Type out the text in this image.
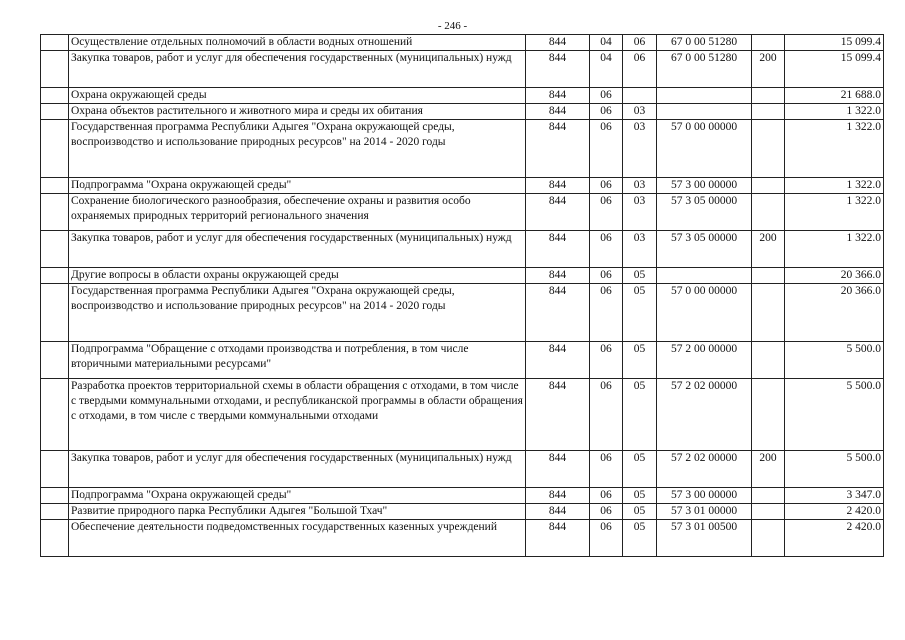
- 246 -
	Осуществление отдельных полномочий в области водных отношений	844	04	06	67 0 00 51280		15 099.4
	Закупка товаров, работ и услуг для обеспечения государственных (муниципальных) нужд	844	04	06	67 0 00 51280	200	15 099.4
	Охрана окружающей среды	844	06				21 688.0
	Охрана объектов растительного и животного мира и среды их обитания	844	06	03			1 322.0
	Государственная программа Республики Адыгея "Охрана окружающей среды, воспроизводство и использование природных ресурсов" на 2014 - 2020 годы	844	06	03	57 0 00 00000		1 322.0
	Подпрограмма "Охрана окружающей среды"	844	06	03	57 3 00 00000		1 322.0
	Сохранение биологического разнообразия, обеспечение охраны и развития особо охраняемых природных территорий регионального значения	844	06	03	57 3 05 00000		1 322.0
	Закупка товаров, работ и услуг для обеспечения государственных (муниципальных) нужд	844	06	03	57 3 05 00000	200	1 322.0
	Другие вопросы в области охраны окружающей среды	844	06	05			20 366.0
	Государственная программа Республики Адыгея "Охрана окружающей среды, воспроизводство и использование природных ресурсов" на 2014 - 2020 годы	844	06	05	57 0 00 00000		20 366.0
	Подпрограмма "Обращение с отходами производства и потребления, в том числе вторичными материальными ресурсами"	844	06	05	57 2 00 00000		5 500.0
	Разработка проектов территориальной схемы в области обращения с отходами, в том числе с твердыми коммунальными отходами, и республиканской программы в области обращения с отходами, в том числе с твердыми коммунальными отходами	844	06	05	57 2 02 00000		5 500.0
	Закупка товаров, работ и услуг для обеспечения государственных (муниципальных) нужд	844	06	05	57 2 02 00000	200	5 500.0
	Подпрограмма "Охрана окружающей среды"	844	06	05	57 3 00 00000		3 347.0
	Развитие природного парка Республики Адыгея "Большой Тхач"	844	06	05	57 3 01 00000		2 420.0
	Обеспечение деятельности подведомственных государственных казенных учреждений	844	06	05	57 3 01 00500		2 420.0
